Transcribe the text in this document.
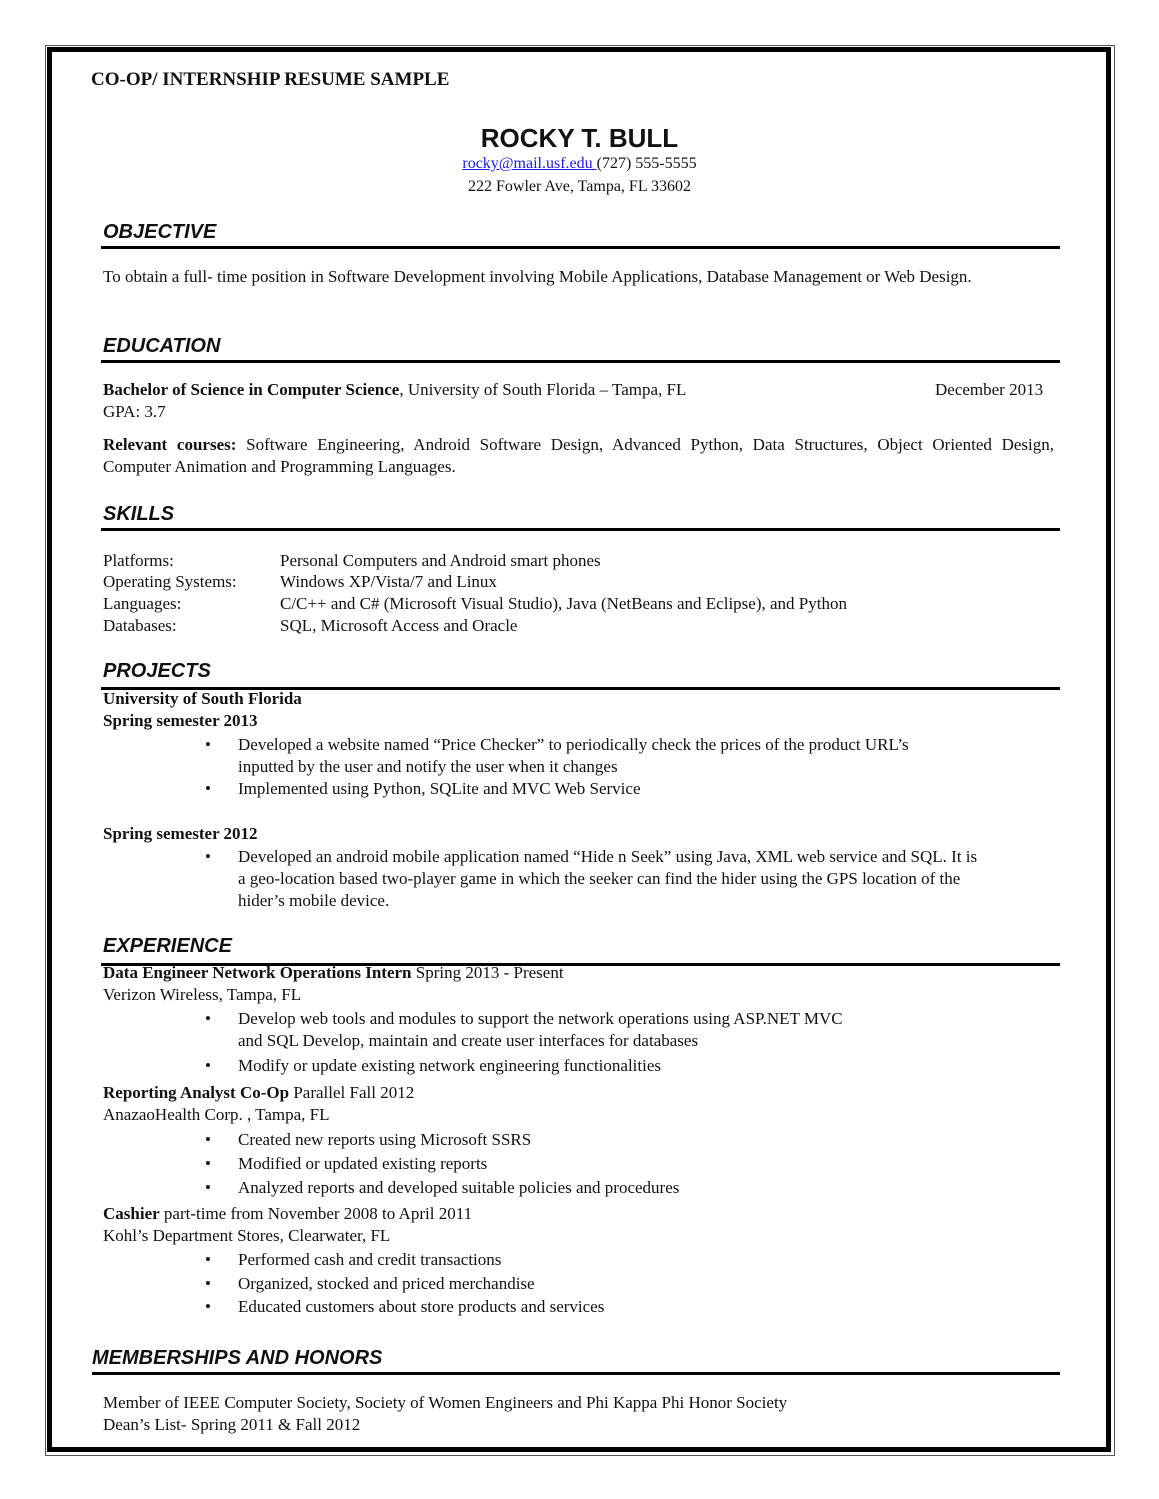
CO-OP/ INTERNSHIP RESUME SAMPLE
ROCKY T. BULL
rocky@mail.usf.edu (727) 555-5555
222 Fowler Ave, Tampa, FL 33602
OBJECTIVE
To obtain a full- time position in Software Development involving Mobile Applications, Database Management or Web Design.
EDUCATION
Bachelor of Science in Computer Science, University of South Florida – Tampa, FL	December 2013
GPA: 3.7
Relevant courses: Software Engineering, Android Software Design, Advanced Python, Data Structures, Object Oriented Design, Computer Animation and Programming Languages.
SKILLS
Platforms:	Personal Computers and Android smart phones
Operating Systems:	Windows XP/Vista/7 and Linux
Languages:	C/C++ and C# (Microsoft Visual Studio), Java (NetBeans and Eclipse), and Python
Databases:	SQL, Microsoft Access and Oracle
PROJECTS
University of South Florida
Spring semester 2013
• Developed a website named “Price Checker” to periodically check the prices of the product URL’s
inputted by the user and notify the user when it changes
• Implemented using Python, SQLite and MVC Web Service
Spring semester 2012
• Developed an android mobile application named “Hide n Seek” using Java, XML web service and SQL. It is
a geo-location based two-player game in which the seeker can find the hider using the GPS location of the
hider’s mobile device.
EXPERIENCE
Data Engineer Network Operations Intern Spring 2013 - Present
Verizon Wireless, Tampa, FL
• Develop web tools and modules to support the network operations using ASP.NET MVC
and SQL Develop, maintain and create user interfaces for databases
• Modify or update existing network engineering functionalities
Reporting Analyst Co-Op Parallel Fall 2012
AnazaoHealth Corp. , Tampa, FL
• Created new reports using Microsoft SSRS
• Modified or updated existing reports
• Analyzed reports and developed suitable policies and procedures
Cashier part-time from November 2008 to April 2011
Kohl’s Department Stores, Clearwater, FL
• Performed cash and credit transactions
• Organized, stocked and priced merchandise
• Educated customers about store products and services
MEMBERSHIPS AND HONORS
Member of IEEE Computer Society, Society of Women Engineers and Phi Kappa Phi Honor Society
Dean’s List- Spring 2011 & Fall 2012
